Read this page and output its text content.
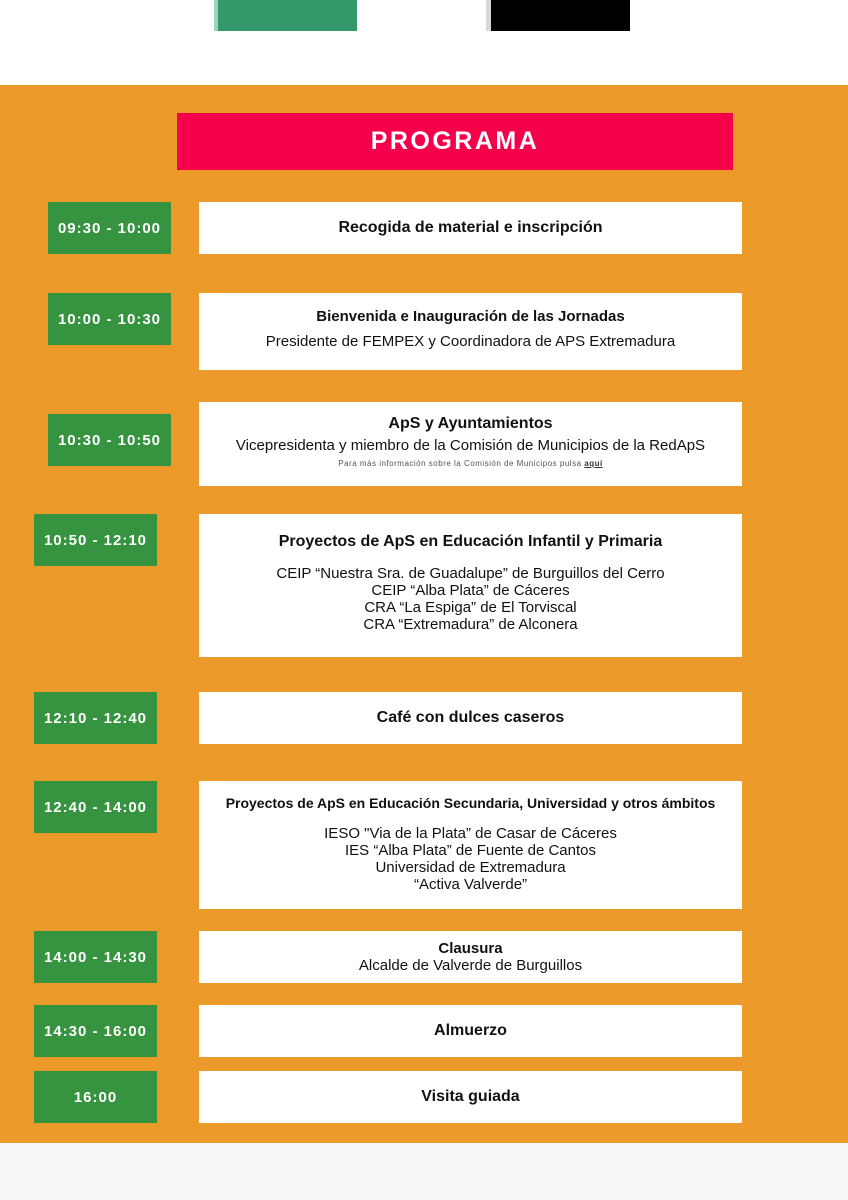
PROGRAMA
09:30 - 10:00	Recogida de material e inscripción
10:00 - 10:30	Bienvenida e Inauguración de las Jornadas
Presidente de FEMPEX y Coordinadora de APS Extremadura
10:30 - 10:50
ApS y Ayuntamientos
Vicepresidenta y miembro de la Comisión de Municipios de la RedApS
Para más información sobre la Comisión de Municipos pulsa aquí
10:50 - 12:10	Proyectos de ApS en Educación Infantil y Primaria
CEIP “Nuestra Sra. de Guadalupe” de Burguillos del Cerro
CEIP “Alba Plata” de Cáceres
CRA “La Espiga” de El Torviscal
CRA “Extremadura” de Alconera
12:10 - 12:40	Café con dulces caseros
12:40 - 14:00	Proyectos de ApS en Educación Secundaria, Universidad y otros ámbitos
IESO "Via de la Plata” de Casar de Cáceres
IES “Alba Plata” de Fuente de Cantos
Universidad de Extremadura
“Activa Valverde”
14:00 - 14:30	Clausura
Alcalde de Valverde de Burguillos
14:30 - 16:00	Almuerzo
16:00	Visita guiada
